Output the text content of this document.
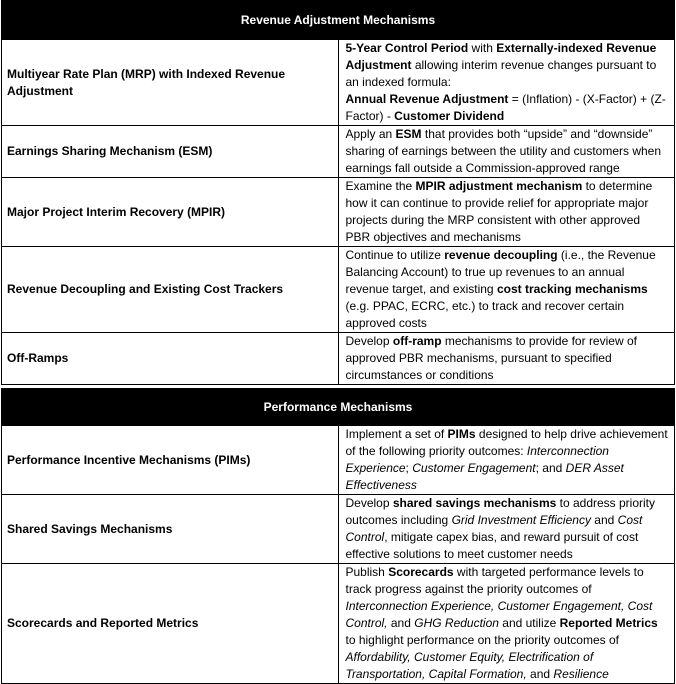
Revenue Adjustment Mechanisms	
Multiyear Rate Plan (MRP) with Indexed Revenue Adjustment	5-Year Control Period with Externally-indexed Revenue Adjustment allowing interim revenue changes pursuant to an indexed formula:
Annual Revenue Adjustment = (Inflation) - (X-Factor) + (Z-Factor) - Customer Dividend

Earnings Sharing Mechanism (ESM)	Apply an ESM that provides both “upside” and “downside” sharing of earnings between the utility and customers when earnings fall outside a Commission-approved range

Major Project Interim Recovery (MPIR)	Examine the MPIR adjustment mechanism to determine how it can continue to provide relief for appropriate major projects during the MRP consistent with other approved PBR objectives and mechanisms

Revenue Decoupling and Existing Cost Trackers	Continue to utilize revenue decoupling (i.e., the Revenue Balancing Account) to true up revenues to an annual revenue target, and existing cost tracking mechanisms (e.g. PPAC, ECRC, etc.) to track and recover certain approved costs

Off-Ramps	Develop off-ramp mechanisms to provide for review of approved PBR mechanisms, pursuant to specified circumstances or conditions

Performance Mechanisms	
Performance Incentive Mechanisms (PIMs)	Implement a set of PIMs designed to help drive achievement of the following priority outcomes: Interconnection Experience; Customer Engagement; and DER Asset Effectiveness

Shared Savings Mechanisms	Develop shared savings mechanisms to address priority outcomes including Grid Investment Efficiency and Cost Control, mitigate capex bias, and reward pursuit of cost effective solutions to meet customer needs

Scorecards and Reported Metrics	Publish Scorecards with targeted performance levels to track progress against the priority outcomes of Interconnection Experience, Customer Engagement, Cost Control, and GHG Reduction and utilize Reported Metrics to highlight performance on the priority outcomes of Affordability, Customer Equity, Electrification of Transportation, Capital Formation, and Resilience
